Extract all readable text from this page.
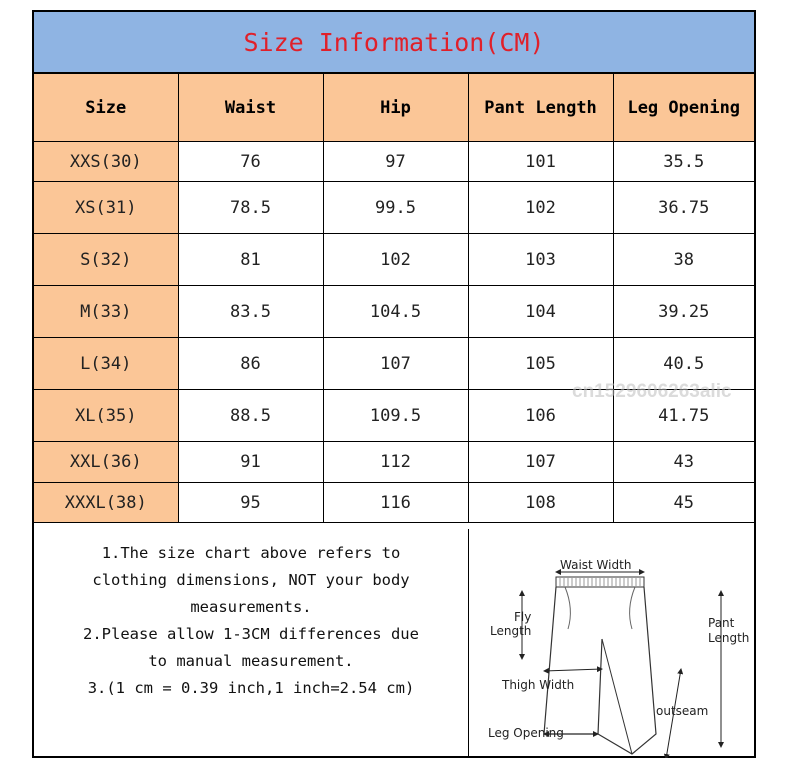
Size Information(CM)
Size	Waist	Hip	Pant Length	Leg Opening
XXS(30)	76	97	101	35.5
XS(31)	78.5	99.5	102	36.75
S(32)	81	102	103	38
M(33)	83.5	104.5	104	39.25
L(34)	86	107	105	40.5
XL(35)	88.5	109.5	106	41.75
XXL(36)	91	112	107	43
XXXL(38)	95	116	108	45

1.The size chart above refers to

clothing dimensions, NOT your body

measurements.

2.Please allow 1-3CM differences due

to manual measurement.

3.(1 cm = 0.39 inch,1 inch=2.54 cm)

Waist Width
Fly
Length
Pant
Length
Thigh Width
outseam
Leg Opening
cn1529606263alic
